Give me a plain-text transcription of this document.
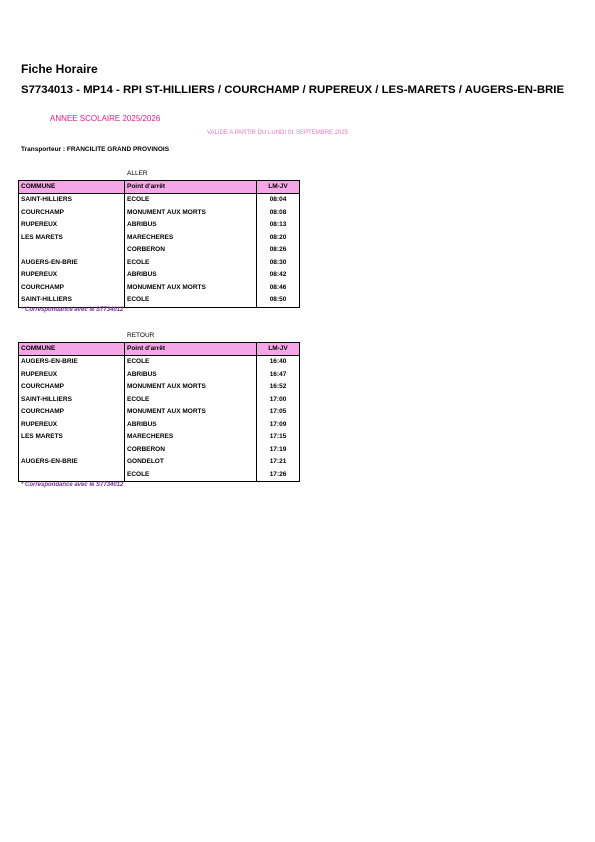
Fiche Horaire
S7734013 - MP14 - RPI ST-HILLIERS / COURCHAMP / RUPEREUX / LES-MARETS / AUGERS-EN-BRIE
ANNEE SCOLAIRE 2025/2026
VALIDE A PARTIR DU LUNDI 01 SEPTEMBRE 2025
Transporteur : FRANCILITE GRAND PROVINOIS
ALLER
COMMUNE	Point d'arrêt	LM-JV
SAINT-HILLIERS	ECOLE	08:04
COURCHAMP	MONUMENT AUX MORTS	08:08
RUPEREUX	ABRIBUS	08:13
LES MARETS	MARECHERES	08:20
	CORBERON	08:26
AUGERS-EN-BRIE	ECOLE	08:30
RUPEREUX	ABRIBUS	08:42
COURCHAMP	MONUMENT AUX MORTS	08:46
SAINT-HILLIERS	ECOLE	08:50
* Correspondance avec le S7734012
RETOUR
COMMUNE	Point d'arrêt	LM-JV
AUGERS-EN-BRIE	ECOLE	16:40
RUPEREUX	ABRIBUS	16:47
COURCHAMP	MONUMENT AUX MORTS	16:52
SAINT-HILLIERS	ECOLE	17:00
COURCHAMP	MONUMENT AUX MORTS	17:05
RUPEREUX	ABRIBUS	17:09
LES MARETS	MARECHERES	17:15
	CORBERON	17:19
AUGERS-EN-BRIE	GONDELOT	17:21
	ECOLE	17:26
* Correspondance avec le S7734012
